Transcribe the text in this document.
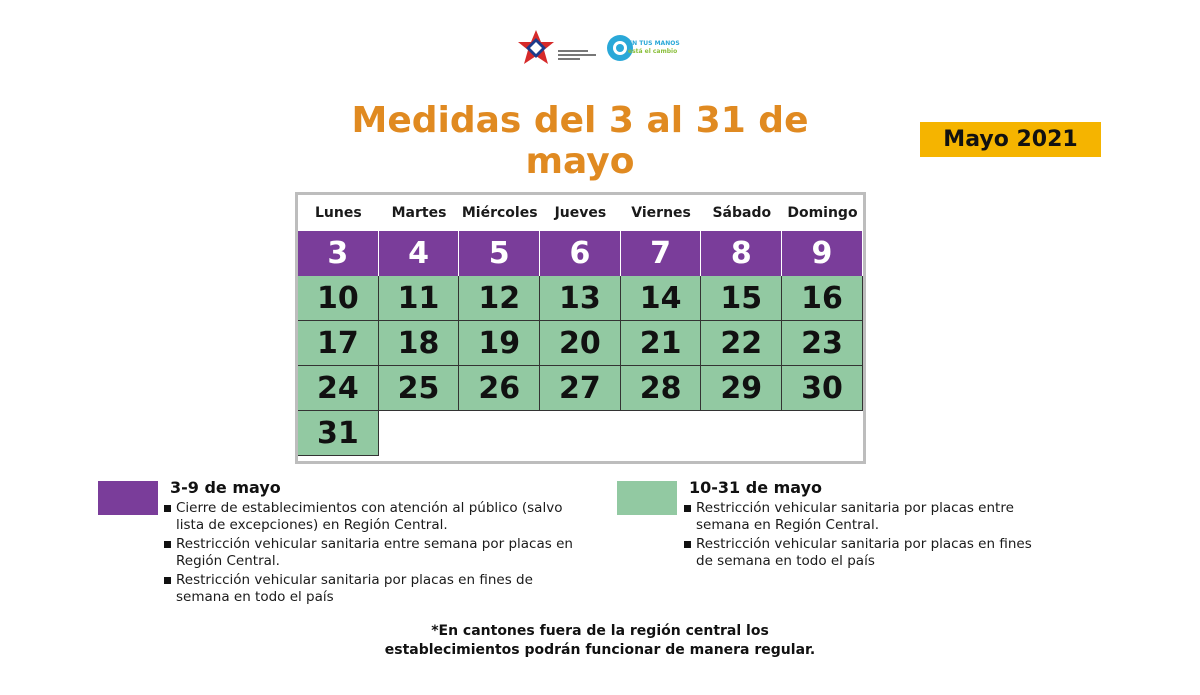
EN TUS MANOS
está el cambio
Medidas del 3 al 31 de mayo
Mayo 2021
Lunes	Martes	Miércoles	Jueves	Viernes	Sábado	Domingo
3	4	5	6	7	8	9
10	11	12	13	14	15	16
17	18	19	20	21	22	23
24	25	26	27	28	29	30
31
3-9 de mayo
Cierre de establecimientos con atención al público (salvo lista de excepciones) en Región Central.
Restricción vehicular sanitaria entre semana por placas en Región Central.
Restricción vehicular sanitaria por placas en fines de semana en todo el país
10-31 de mayo
Restricción vehicular sanitaria por placas entre semana en Región Central.
Restricción vehicular sanitaria por placas en fines de semana en todo el país
*En cantones fuera de la región central los
establecimientos podrán funcionar de manera regular.
